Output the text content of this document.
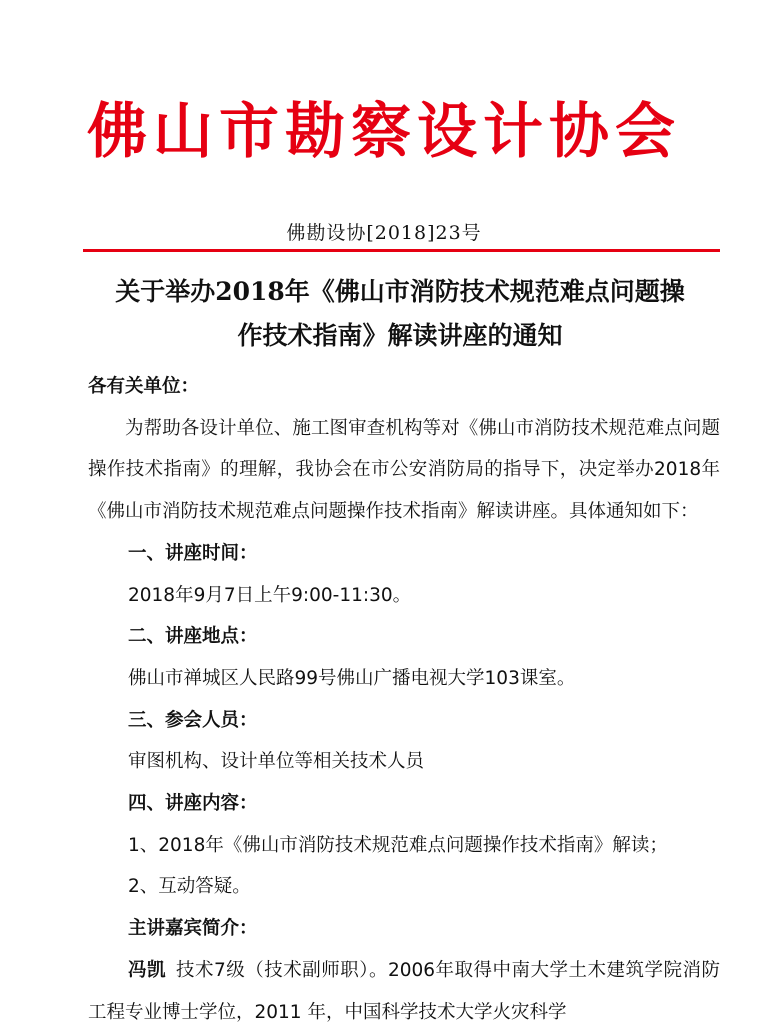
佛山市勘察设计协会
佛勘设协[2018]23号
关于举办2018年《佛山市消防技术规范难点问题操
作技术指南》解读讲座的通知

各有关单位：

为帮助各设计单位、施工图审查机构等对《佛山市消防技术规范难点问题操作技术指南》的理解，我协会在市公安消防局的指导下，决定举办2018年《佛山市消防技术规范难点问题操作技术指南》解读讲座。具体通知如下：

一、讲座时间：

2018年9月7日上午9:00-11:30。

二、讲座地点：

佛山市禅城区人民路99号佛山广播电视大学103课室。

三、参会人员：

审图机构、设计单位等相关技术人员

四、讲座内容：

1、2018年《佛山市消防技术规范难点问题操作技术指南》解读；

2、互动答疑。

主讲嘉宾简介：

冯凯 技术7级（技术副师职）。2006年取得中南大学土木建筑学院消防工程专业博士学位，2011 年，中国科学技术大学火灾科学
